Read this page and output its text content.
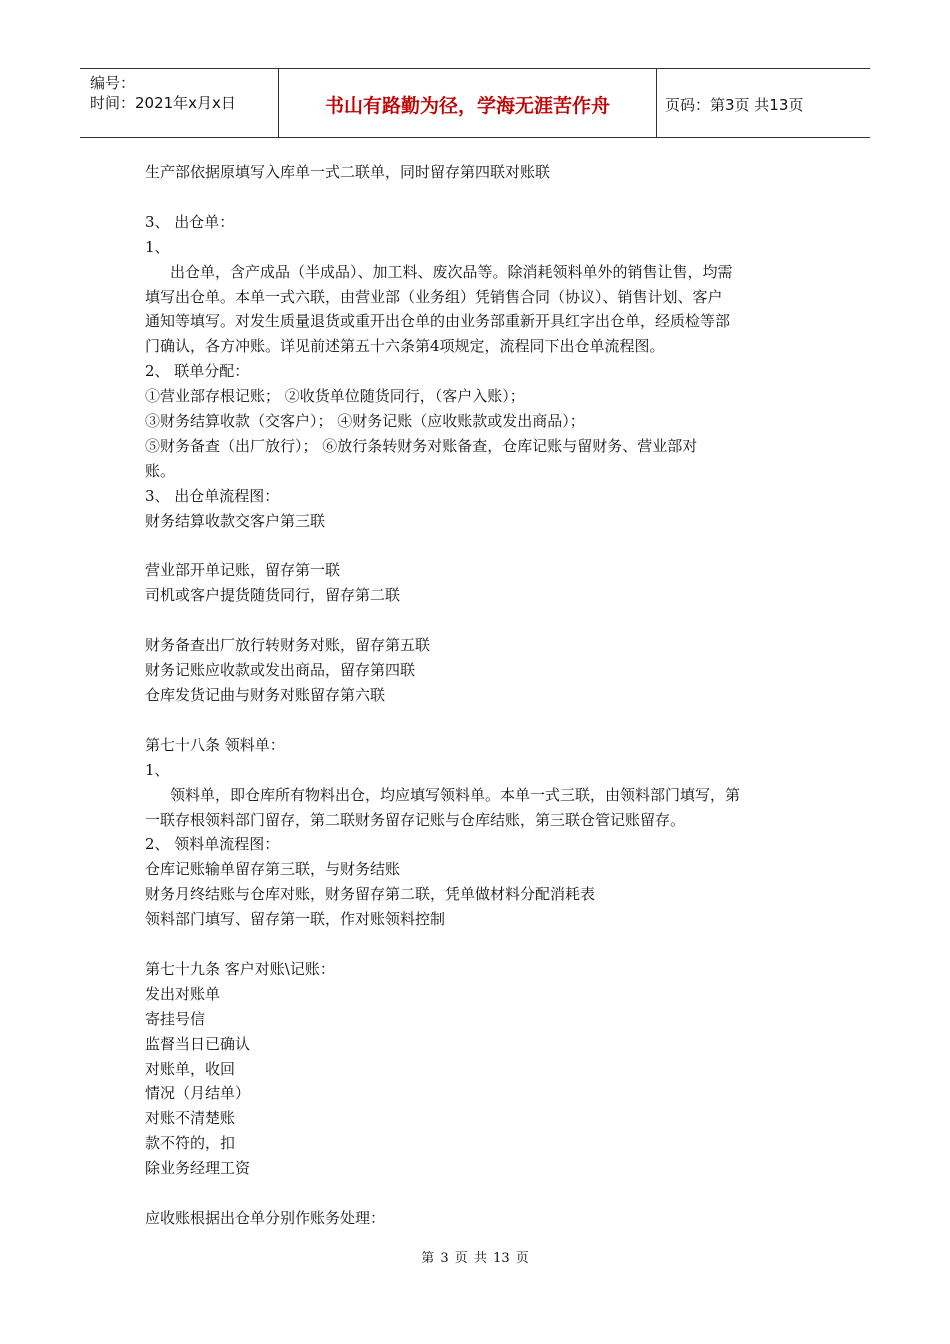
编号：
时间：2021年x月x日	书山有路勤为径，学海无涯苦作舟	页码：第3页 共13页
生产部依据原填写入库单一式二联单，同时留存第四联对账联
3、 出仓单：
1、
出仓单，含产成品（半成品）、加工料、废次品等。除消耗领料单外的销售让售，均需
填写出仓单。本单一式六联，由营业部（业务组）凭销售合同（协议）、销售计划、客户
通知等填写。对发生质量退货或重开出仓单的由业务部重新开具红字出仓单，经质检等部
门确认，各方冲账。详见前述第五十六条第4项规定，流程同下出仓单流程图。
2、 联单分配：
①营业部存根记账； ②收货单位随货同行，（客户入账）；
③财务结算收款（交客户）； ④财务记账（应收账款或发出商品）；
⑤财务备查（出厂放行）； ⑥放行条转财务对账备查，仓库记账与留财务、营业部对
账。
3、 出仓单流程图：
财务结算收款交客户第三联
营业部开单记账，留存第一联
司机或客户提货随货同行，留存第二联
财务备查出厂放行转财务对账，留存第五联
财务记账应收款或发出商品，留存第四联
仓库发货记曲与财务对账留存第六联
第七十八条 领料单：
1、
领料单，即仓库所有物料出仓，均应填写领料单。本单一式三联，由领料部门填写，第
一联存根领料部门留存，第二联财务留存记账与仓库结账，第三联仓管记账留存。
2、 领料单流程图：
仓库记账输单留存第三联，与财务结账
财务月终结账与仓库对账，财务留存第二联，凭单做材料分配消耗表
领料部门填写、留存第一联，作对账领料控制
第七十九条 客户对账\记账：
发出对账单
寄挂号信
监督当日已确认
对账单，收回
情况（月结单）
对账不清楚账
款不符的，扣
除业务经理工资
应收账根据出仓单分别作账务处理：
第 3 页 共 13 页
